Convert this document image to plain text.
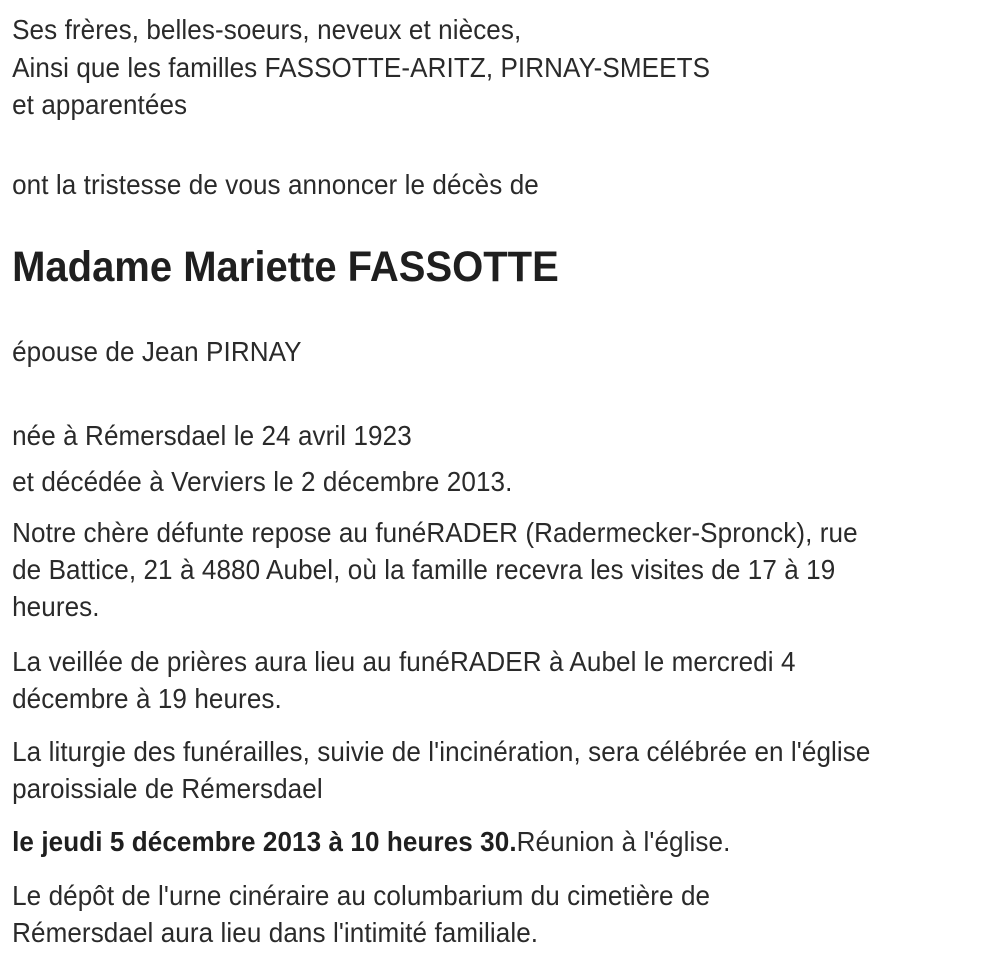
Ses frères, belles-soeurs, neveux et nièces,
Ainsi que les familles FASSOTTE-ARITZ, PIRNAY-SMEETS
et apparentées
ont la tristesse de vous annoncer le décès de
Madame Mariette FASSOTTE
épouse de Jean PIRNAY
née à Rémersdael le 24 avril 1923
et décédée à Verviers le 2 décembre 2013.
Notre chère défunte repose au funéRADER (Radermecker-Spronck), rue
de Battice, 21 à 4880 Aubel, où la famille recevra les visites de 17 à 19
heures.
La veillée de prières aura lieu au funéRADER à Aubel le mercredi 4
décembre à 19 heures.
La liturgie des funérailles, suivie de l'incinération, sera célébrée en l'église
paroissiale de Rémersdael
le jeudi 5 décembre 2013 à 10 heures 30.Réunion à l'église.
Le dépôt de l'urne cinéraire au columbarium du cimetière de
Rémersdael aura lieu dans l'intimité familiale.
